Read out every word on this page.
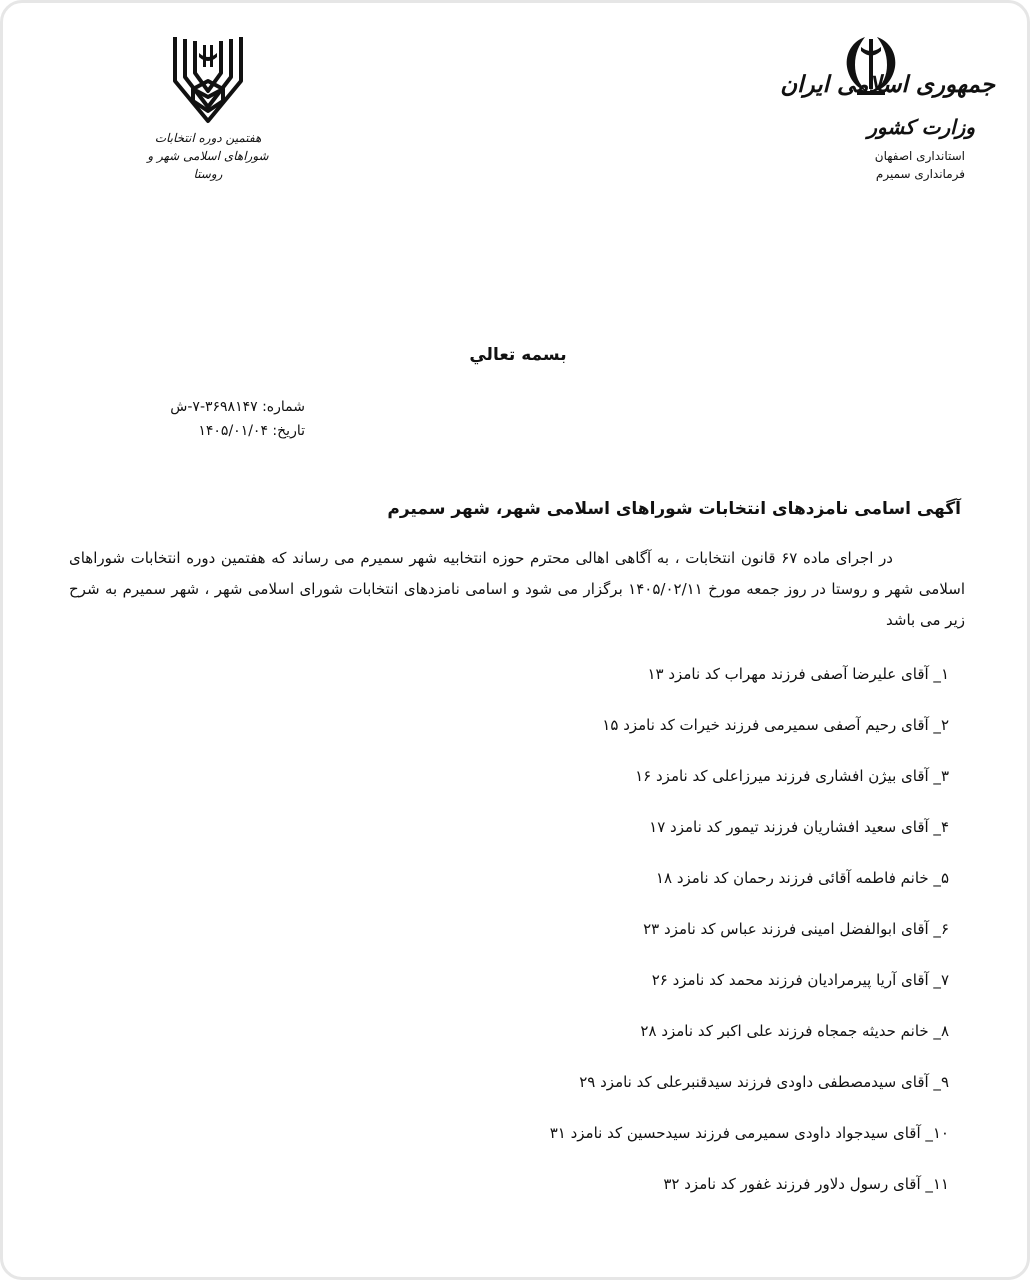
هفتمین دوره انتخابات
شوراهای اسلامی شهر و روستا
جمهوری اسلامی ایران
وزارت کشور
استانداری اصفهان
فرمانداری سمیرم
بسمه تعالي
شماره: ۳۶۹۸۱۴۷-۷-ش
تاریخ: ۱۴۰۵/۰۱/۰۴
آگهی اسامی نامزدهای انتخابات شوراهای اسلامی شهر، شهر سمیرم
در اجرای ماده ۶۷ قانون انتخابات ، به آگاهی اهالی محترم حوزه انتخابیه شهر سمیرم می رساند که هفتمین دوره انتخابات شوراهای اسلامی شهر و روستا در روز جمعه مورخ ۱۴۰۵/۰۲/۱۱ برگزار می شود و اسامی نامزدهای انتخابات شورای اسلامی شهر ، شهر سمیرم به شرح زیر می باشد
۱_ آقای علیرضا آصفی فرزند مهراب کد نامزد ۱۳
۲_ آقای رحیم آصفی سمیرمی فرزند خیرات کد نامزد ۱۵
۳_ آقای بیژن افشاری فرزند میرزاعلی کد نامزد ۱۶
۴_ آقای سعید افشاریان فرزند تیمور کد نامزد ۱۷
۵_ خانم فاطمه آقائی فرزند رحمان کد نامزد ۱۸
۶_ آقای ابوالفضل امینی فرزند عباس کد نامزد ۲۳
۷_ آقای آریا پیرمرادیان فرزند محمد کد نامزد ۲۶
۸_ خانم حدیثه جمجاه فرزند علی اکبر کد نامزد ۲۸
۹_ آقای سیدمصطفی داودی فرزند سیدقنبرعلی کد نامزد ۲۹
۱۰_ آقای سیدجواد داودی سمیرمی فرزند سیدحسین کد نامزد ۳۱
۱۱_ آقای رسول دلاور فرزند غفور کد نامزد ۳۲
